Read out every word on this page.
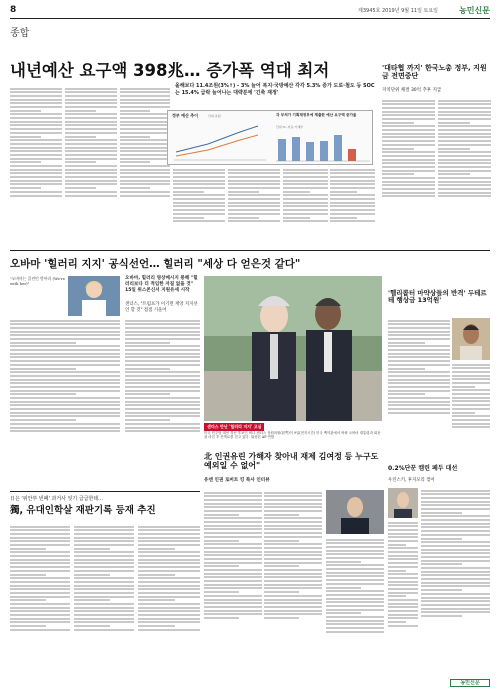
8	제3945호 2019년 9월 11일 토요일	농민신문
종합
내년예산 요구액 398兆… 증가폭 역대 최저
올해보다 11.4조원(3%↑) - 3% 늘어 복지·국방예산 각각 5.3% 증가 도로·철도 등 SOC는 15.4% 급락 늘어나는 대략분에 '긴축 재정'
정부 예산 추이	단위:조원	각 부처가 기획재정부에 제출한 예산 요구액 증가율
단위:%, 자료:기재부
'대타협 까지' 한국노총 정부, 지원금 전면중단
지역단위 체결 30억 추후 지급
오바마 '힐러리 지지' 공식선언… 힐러리 "세상 다 얻은것 같다"
"오바마는 클린턴 받아라 (We're with her)"
오바마, 힐러리 영상메시지 통해 "힐러리보다 더 적임한 자질 없을 것" 15일 위스콘신서 지원유세 시작
샌더스, "트럼프가 이기면 재앙 지지선언 할 것" 점점 기울어
샌더스 만난 '힐러리 지지' 고심
미국 민주당 대선 경선 후보인 버니 샌더스 상원의원(왼쪽)이 9일(현지시간) 미국 백악관에서 버락 오바마 대통령과 회동을 마친 후 산책로를 걷고 있다. 워싱턴 AP 연합
'헬리콥터 마약상들의 반격' 두테르테 행상금 13억원'
0.2%단꾼 캠린 페두 대선
우린스키, 후지모리 꺾어
北 인권유린 가해자 찾아내 재제 김여정 등 누구도 예외일 수 없어"
유엔 인권 로버트 킹 특사 인터뷰
日은 '위안부 빈폐' 과거사 잊기 급급한데…
獨, 유대인학살 재판기록 등재 추진
농민신문
